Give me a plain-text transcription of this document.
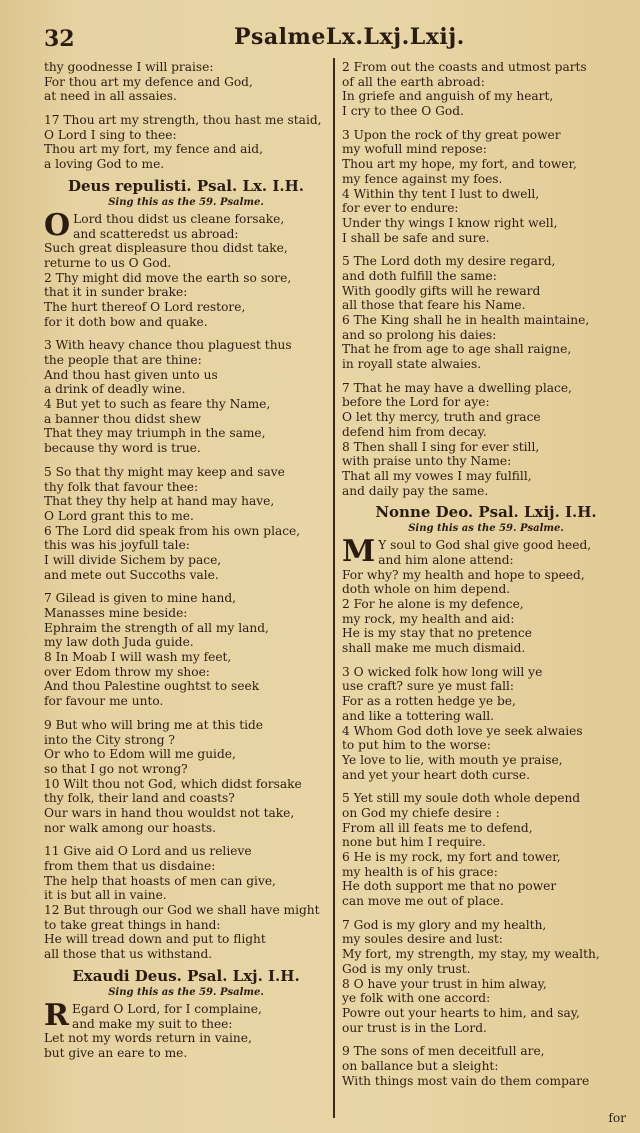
32	PsalmeLx.Lxj.Lxij.
thy goodnesse I will praise:
For thou art my defence and God,
at need in all assaies.
17 Thou art my strength, thou hast me staid,
O Lord I sing to thee:
Thou art my fort, my fence and aid,
a loving God to me.
Deus repulisti. Psal. Lx. I.H.
Sing this as the 59. Psalme.
O Lord thou didst us cleane forsake,
and scatteredst us abroad:
Such great displeasure thou didst take,
returne to us O God.
2 Thy might did move the earth so sore,
that it in sunder brake:
The hurt thereof O Lord restore,
for it doth bow and quake.
3 With heavy chance thou plaguest thus
the people that are thine:
And thou hast given unto us
a drink of deadly wine.
4 But yet to such as feare thy Name,
a banner thou didst shew
That they may triumph in the same,
because thy word is true.
5 So that thy might may keep and save
thy folk that favour thee:
That they thy help at hand may have,
O Lord grant this to me.
6 The Lord did speak from his own place,
this was his joyfull tale:
I will divide Sichem by pace,
and mete out Succoths vale.
7 Gilead is given to mine hand,
Manasses mine beside:
Ephraim the strength of all my land,
my law doth Juda guide.
8 In Moab I will wash my feet,
over Edom throw my shoe:
And thou Palestine oughtst to seek
for favour me unto.
9 But who will bring me at this tide
into the City strong ?
Or who to Edom will me guide,
so that I go not wrong?
10 Wilt thou not God, which didst forsake
thy folk, their land and coasts?
Our wars in hand thou wouldst not take,
nor walk among our hoasts.
11 Give aid O Lord and us relieve
from them that us disdaine:
The help that hoasts of men can give,
it is but all in vaine.
12 But through our God we shall have might
to take great things in hand:
He will tread down and put to flight
all those that us withstand.
Exaudi Deus. Psal. Lxj. I.H.
Sing this as the 59. Psalme.
R Egard O Lord, for I complaine,
and make my suit to thee:
Let not my words return in vaine,
but give an eare to me.
2 From out the coasts and utmost parts
of all the earth abroad:
In griefe and anguish of my heart,
I cry to thee O God.
3 Upon the rock of thy great power
my wofull mind repose:
Thou art my hope, my fort, and tower,
my fence against my foes.
4 Within thy tent I lust to dwell,
for ever to endure:
Under thy wings I know right well,
I shall be safe and sure.
5 The Lord doth my desire regard,
and doth fulfill the same:
With goodly gifts will he reward
all those that feare his Name.
6 The King shall he in health maintaine,
and so prolong his daies:
That he from age to age shall raigne,
in royall state alwaies.
7 That he may have a dwelling place,
before the Lord for aye:
O let thy mercy, truth and grace
defend him from decay.
8 Then shall I sing for ever still,
with praise unto thy Name:
That all my vowes I may fulfill,
and daily pay the same.
Nonne Deo. Psal. Lxij. I.H.
Sing this as the 59. Psalme.
M Y soul to God shal give good heed,
and him alone attend:
For why? my health and hope to speed,
doth whole on him depend.
2 For he alone is my defence,
my rock, my health and aid:
He is my stay that no pretence
shall make me much dismaid.
3 O wicked folk how long will ye
use craft? sure ye must fall:
For as a rotten hedge ye be,
and like a tottering wall.
4 Whom God doth love ye seek alwaies
to put him to the worse:
Ye love to lie, with mouth ye praise,
and yet your heart doth curse.
5 Yet still my soule doth whole depend
on God my chiefe desire :
From all ill feats me to defend,
none but him I require.
6 He is my rock, my fort and tower,
my health is of his grace:
He doth support me that no power
can move me out of place.
7 God is my glory and my health,
my soules desire and lust:
My fort, my strength, my stay, my wealth,
God is my only trust.
8 O have your trust in him alway,
ye folk with one accord:
Powre out your hearts to him, and say,
our trust is in the Lord.
9 The sons of men deceitfull are,
on ballance but a sleight:
With things most vain do them compare
for
